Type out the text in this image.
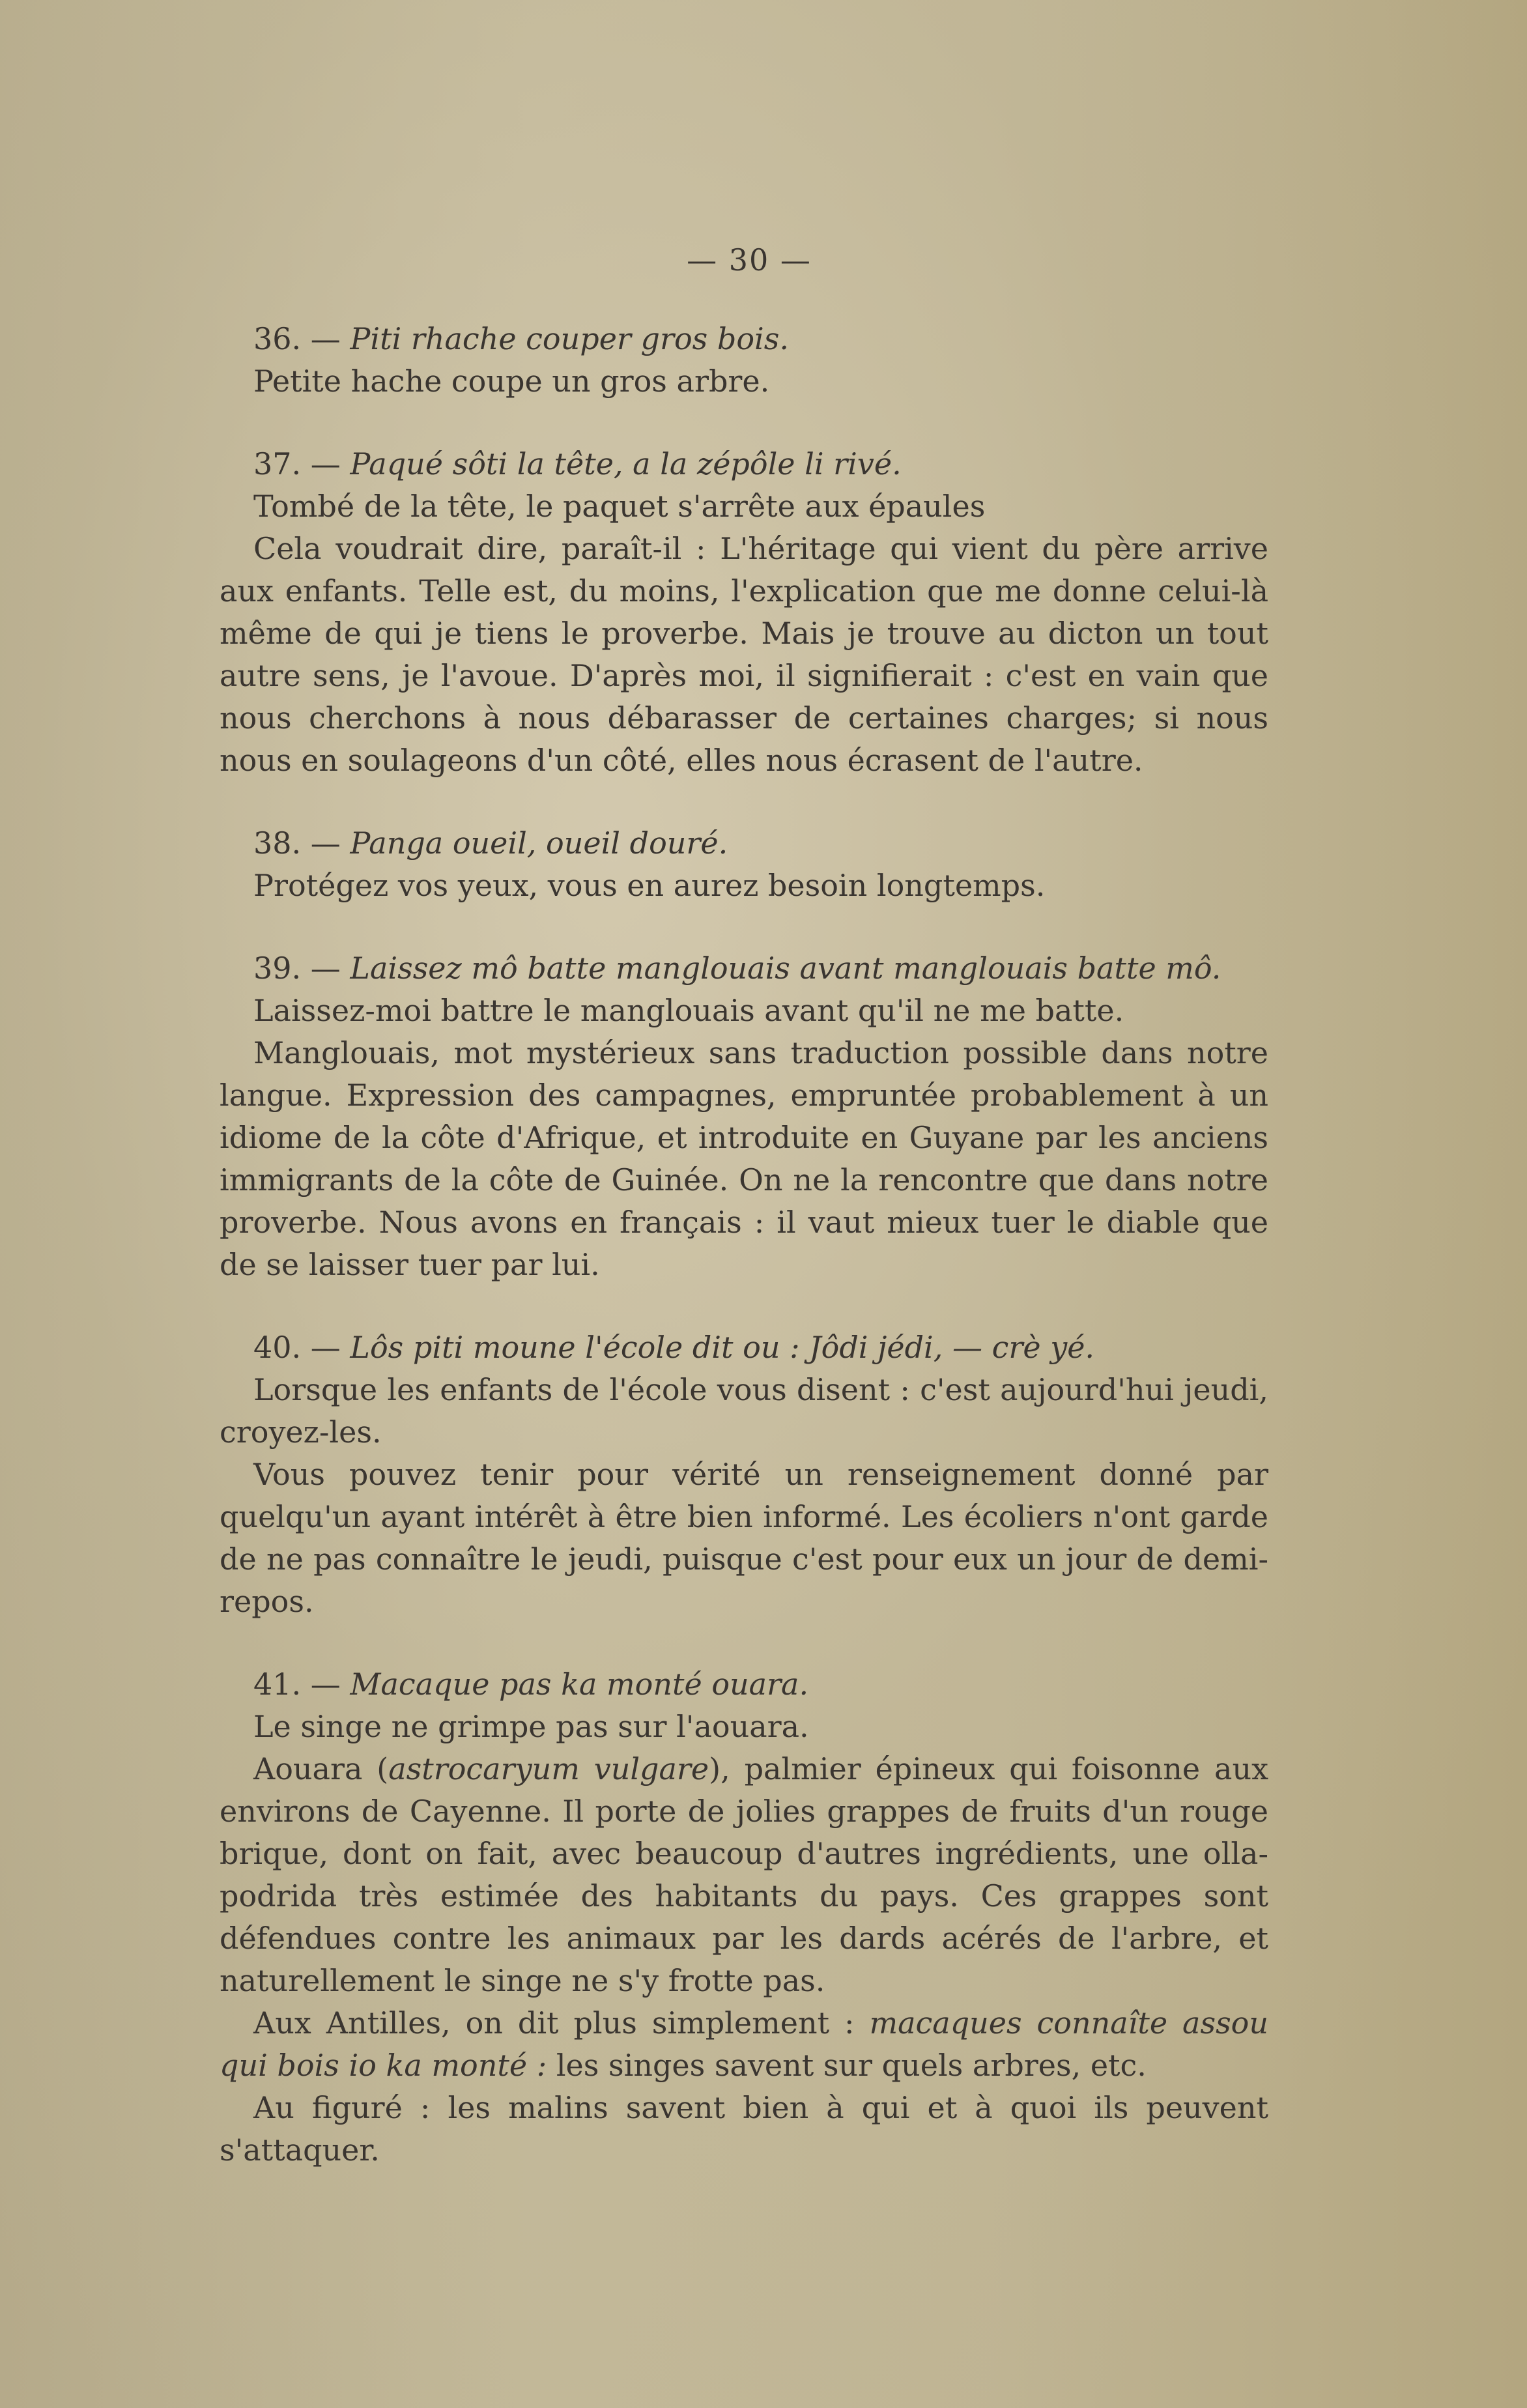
— 30 —

36. — Piti rhache couper gros bois.

Petite hache coupe un gros arbre.

37. — Paqué sôti la tête, a la zépôle li rivé.

Tombé de la tête, le paquet s'arrête aux épaules

Cela voudrait dire, paraît-il : L'héritage qui vient du père arrive aux enfants. Telle est, du moins, l'explication que me donne celui-là même de qui je tiens le proverbe. Mais je trouve au dicton un tout autre sens, je l'avoue. D'après moi, il signifierait : c'est en vain que nous cherchons à nous débarasser de certaines charges; si nous nous en soulageons d'un côté, elles nous écrasent de l'autre.

38. — Panga oueil, oueil douré.

Protégez vos yeux, vous en aurez besoin longtemps.

39. — Laissez mô batte manglouais avant manglouais batte mô.

Laissez-moi battre le manglouais avant qu'il ne me batte.

Manglouais, mot mystérieux sans traduction possible dans notre langue. Expression des campagnes, empruntée probablement à un idiome de la côte d'Afrique, et introduite en Guyane par les anciens immigrants de la côte de Guinée. On ne la rencontre que dans notre proverbe. Nous avons en français : il vaut mieux tuer le diable que de se laisser tuer par lui.

40. — Lôs piti moune l'école dit ou : Jôdi jédi, — crè yé.

Lorsque les enfants de l'école vous disent : c'est aujourd'hui jeudi, croyez-les.

Vous pouvez tenir pour vérité un renseignement donné par quelqu'un ayant intérêt à être bien informé. Les écoliers n'ont garde de ne pas connaître le jeudi, puisque c'est pour eux un jour de demi-repos.

41. — Macaque pas ka monté ouara.

Le singe ne grimpe pas sur l'aouara.

Aouara (astrocaryum vulgare), palmier épineux qui foisonne aux environs de Cayenne. Il porte de jolies grappes de fruits d'un rouge brique, dont on fait, avec beaucoup d'autres ingrédients, une olla-podrida très estimée des habitants du pays. Ces grappes sont défendues contre les animaux par les dards acérés de l'arbre, et naturellement le singe ne s'y frotte pas.

Aux Antilles, on dit plus simplement : macaques connaîte assou qui bois io ka monté : les singes savent sur quels arbres, etc.

Au figuré : les malins savent bien à qui et à quoi ils peuvent s'attaquer.
